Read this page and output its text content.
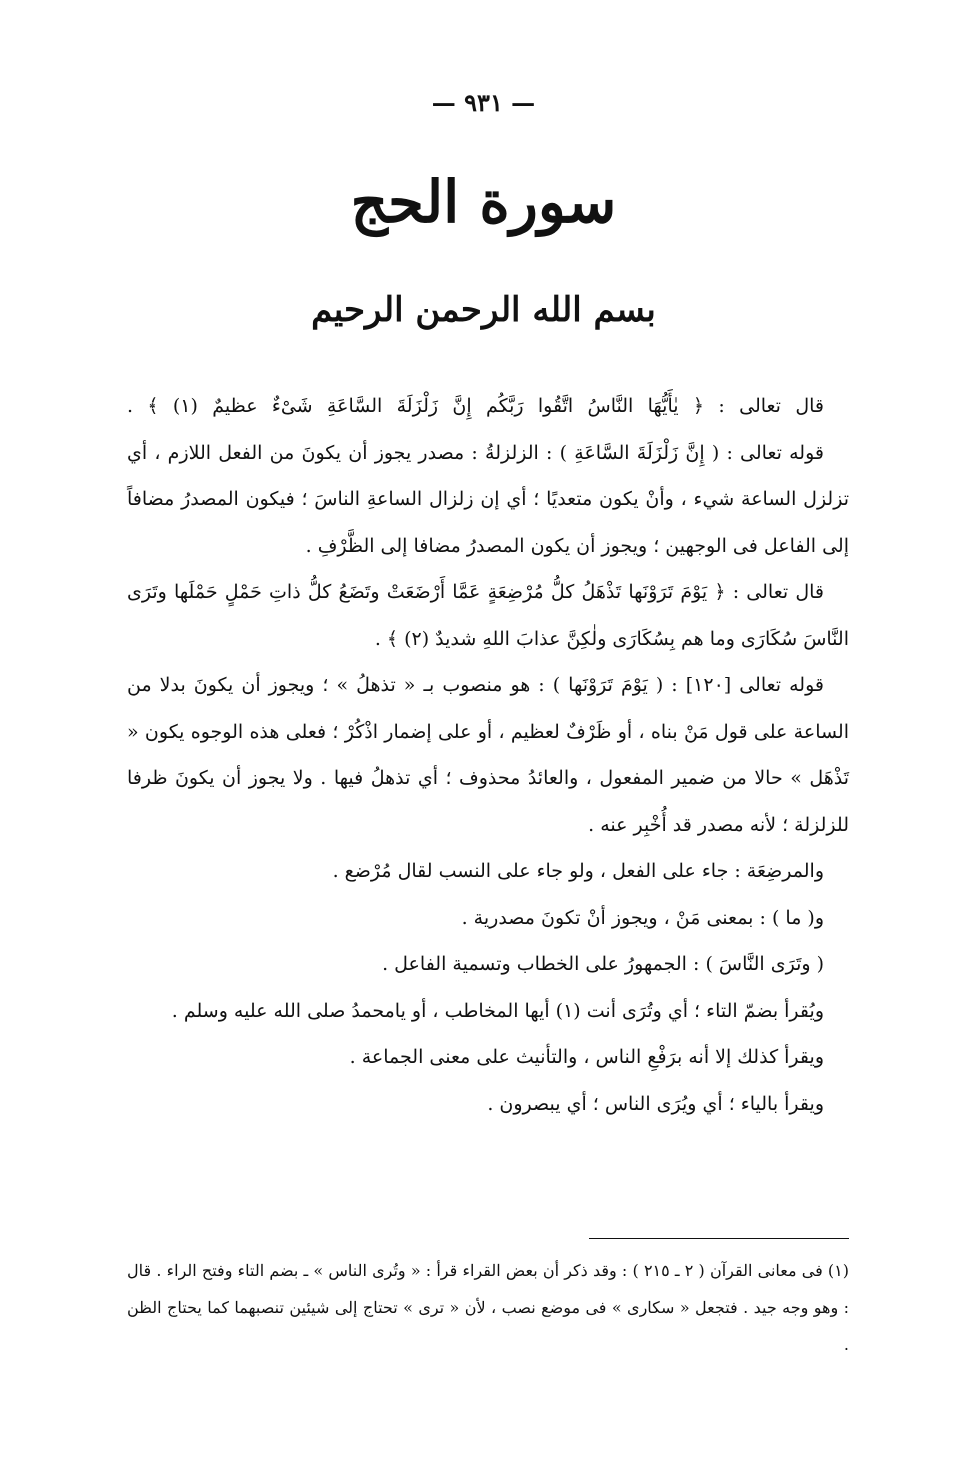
— ٩٣١ —
سورة الحج
بسم الله الرحمن الرحيم

قال تعالى : ﴿ يٰأَيُّهَا النَّاسُ اتَّقُوا رَبَّكُم إِنَّ زَلْزَلَةَ السَّاعَةِ شَىْءٌ عظيمٌ (١) ﴾ .

قوله تعالى : ( إِنَّ زَلْزَلَةَ السَّاعَةِ ) : الزلزلةُ : مصدر يجوز أن يكونَ من الفعل اللازم ، أي تزلزل الساعة شيء ، وأنْ يكون متعديًا ؛ أي إن زلزال الساعةِ الناسَ ؛ فيكون المصدرُ مضافاً إلى الفاعل فى الوجهين ؛ ويجوز أن يكون المصدرُ مضافا إلى الظَّرْفِ .

قال تعالى : ﴿ يَوْمَ تَرَوْنَها تَذْهَلُ كلُّ مُرْضِعَةٍ عَمَّا أَرْضَعَتْ وتَضَعُ كلُّ ذاتِ حَمْلٍ حَمْلَها وتَرَى النَّاسَ سُكَارَى وما هم بِسُكَارَى ولٰكِنَّ عذابَ اللهِ شديدٌ (٢) ﴾ .

قوله تعالى [١٢٠] : ( يَوْمَ تَرَوْنَها ) : هو منصوب بـ « تذهلُ » ؛ ويجوز أن يكونَ بدلا من الساعة على قول مَنْ بناه ، أو ظَرْفٌ لعظيم ، أو على إضمار اذْكُرْ ؛ فعلى هذه الوجوه يكون « تَذْهَل » حالا من ضمير المفعول ، والعائدُ محذوف ؛ أي تذهلُ فيها . ولا يجوز أن يكونَ ظرفا للزلزلة ؛ لأنه مصدر قد أُخْبِر عنه .

والمرضِعَة : جاء على الفعل ، ولو جاء على النسب لقال مُرْضع .

و( ما ) : بمعنى مَنْ ، ويجوز أنْ تكونَ مصدرية .

( وتَرَى النَّاسَ ) : الجمهورُ على الخطاب وتسمية الفاعل .

ويُقرأ بضمّ التاء ؛ أي وتُرَى أنت (١) أيها المخاطب ، أو يامحمدُ صلى الله عليه وسلم .

ويقرأ كذلك إلا أنه برَفْعِ الناس ، والتأنيث على معنى الجماعة .

ويقرأ بالياء ؛ أي ويُرَى الناس ؛ أي يبصرون .

(١) فى معانى القرآن ( ٢ ـ ٢١٥ ) : وقد ذكر أن بعض القراء قرأ : « وتُرى الناس » ـ بضم التاء وفتح الراء . قال : وهو وجه جيد . فتجعل « سكارى » فى موضع نصب ، لأن « ترى » تحتاج إلى شيئين تنصبهما كما يحتاج الظن .
